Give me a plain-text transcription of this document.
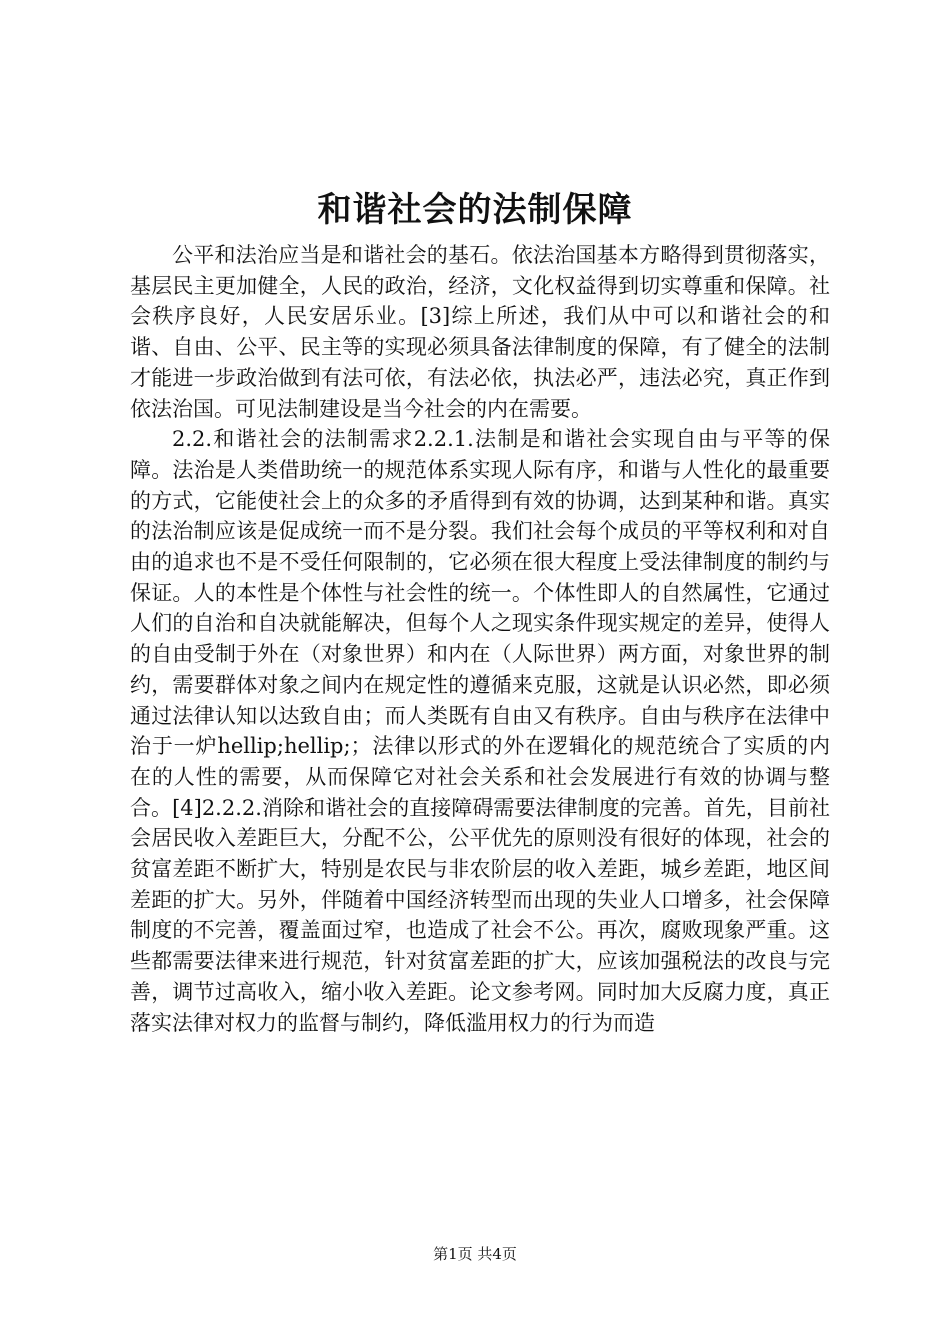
和谐社会的法制保障

公平和法治应当是和谐社会的基石。依法治国基本方略得到贯彻落实，基层民主更加健全，人民的政治，经济，文化权益得到切实尊重和保障。社会秩序良好，人民安居乐业。[3]综上所述，我们从中可以和谐社会的和谐、自由、公平、民主等的实现必须具备法律制度的保障，有了健全的法制才能进一步政治做到有法可依，有法必依，执法必严，违法必究，真正作到依法治国。可见法制建设是当今社会的内在需要。

2.2.和谐社会的法制需求2.2.1.法制是和谐社会实现自由与平等的保障。法治是人类借助统一的规范体系实现人际有序，和谐与人性化的最重要的方式，它能使社会上的众多的矛盾得到有效的协调，达到某种和谐。真实的法治制应该是促成统一而不是分裂。我们社会每个成员的平等权利和对自由的追求也不是不受任何限制的，它必须在很大程度上受法律制度的制约与保证。人的本性是个体性与社会性的统一。个体性即人的自然属性，它通过人们的自治和自决就能解决，但每个人之现实条件现实规定的差异，使得人的自由受制于外在（对象世界）和内在（人际世界）两方面，对象世界的制约，需要群体对象之间内在规定性的遵循来克服，这就是认识必然，即必须通过法律认知以达致自由；而人类既有自由又有秩序。自由与秩序在法律中治于一炉hellip;hellip;；法律以形式的外在逻辑化的规范统合了实质的内在的人性的需要，从而保障它对社会关系和社会发展进行有效的协调与整合。[4]2.2.2.消除和谐社会的直接障碍需要法律制度的完善。首先，目前社会居民收入差距巨大，分配不公，公平优先的原则没有很好的体现，社会的贫富差距不断扩大，特别是农民与非农阶层的收入差距，城乡差距，地区间差距的扩大。另外，伴随着中国经济转型而出现的失业人口增多，社会保障制度的不完善，覆盖面过窄，也造成了社会不公。再次，腐败现象严重。这些都需要法律来进行规范，针对贫富差距的扩大，应该加强税法的改良与完善，调节过高收入，缩小收入差距。论文参考网。同时加大反腐力度，真正落实法律对权力的监督与制约，降低滥用权力的行为而造

第1页 共4页
